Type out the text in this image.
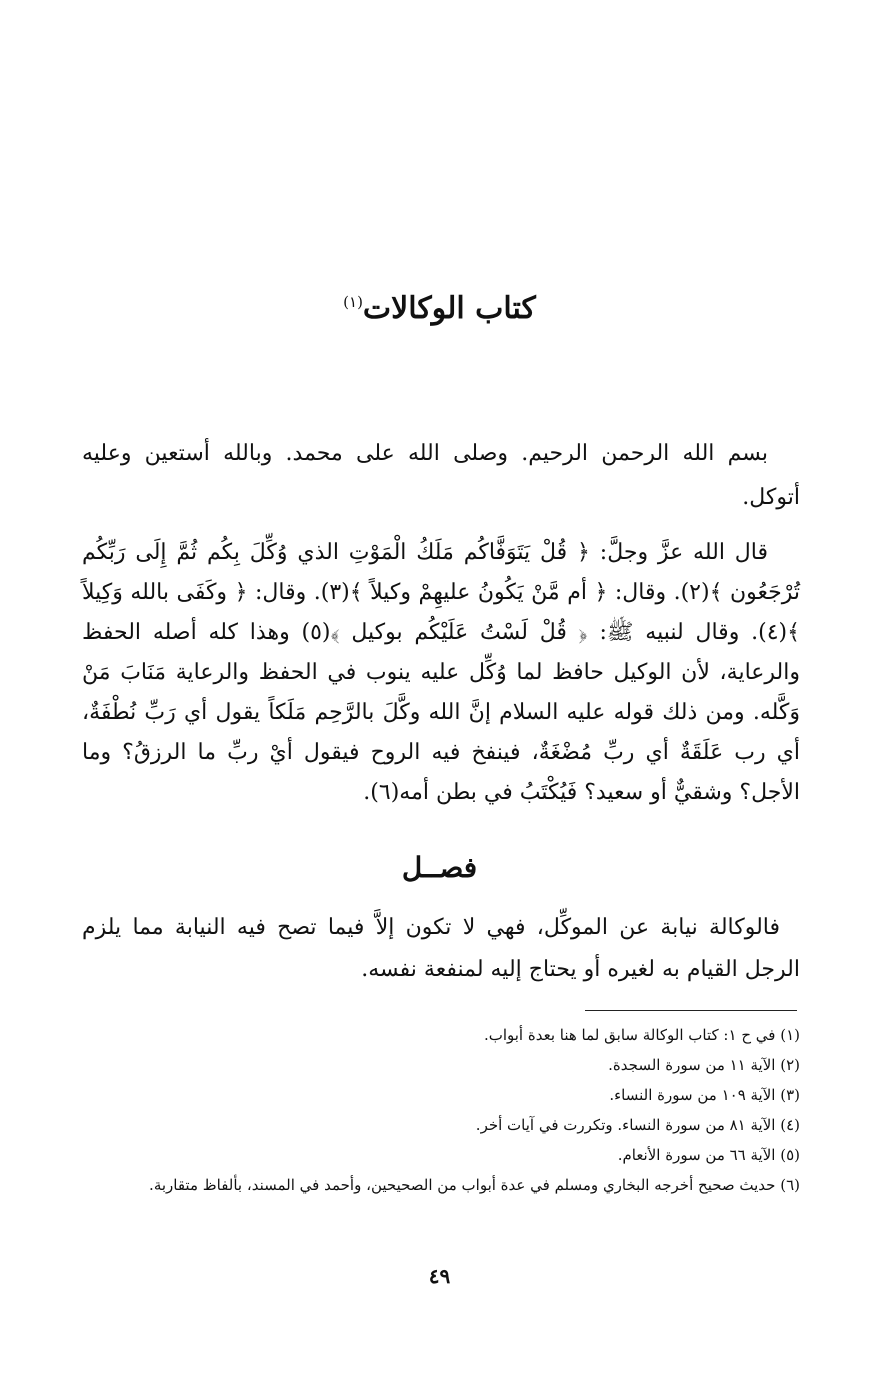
كتاب الوكالات$^{(١)}$

بسم الله الرحمن الرحيم. وصلى الله على محمد. وبالله أستعين وعليه أتوكل.

قال الله عزَّ وجلَّ: ﴿ قُلْ يَتَوَفَّاكُم مَلَكُ الْمَوْتِ الذي وُكِّلَ بِكُم ثُمَّ إِلَى رَبِّكُم تُرْجَعُون ﴾(٢). وقال: ﴿ أم مَّنْ يَكُونُ عليهِمْ وكيلاً ﴾(٣). وقال: ﴿ وكَفَى بالله وَكِيلاً ﴾(٤). وقال لنبيه ﷺ: ﴿ قُلْ لَسْتُ عَلَيْكُم بوكيل ﴾(٥) وهذا كله أصله الحفظ والرعاية، لأن الوكيل حافظ لما وُكِّل عليه ينوب في الحفظ والرعاية مَنَابَ مَنْ وَكَّله. ومن ذلك قوله عليه السلام إنَّ الله وكَّلَ بالرَّحِم مَلَكاً يقول أي رَبِّ نُطْفَةٌ، أي رب عَلَقَةٌ أي ربِّ مُضْغَةٌ، فينفخ فيه الروح فيقول أيْ ربِّ ما الرزقُ؟ وما الأجل؟ وشقيٌّ أو سعيد؟ فَيُكْتَبُ في بطن أمه(٦).

فصــل

فالوكالة نيابة عن الموكِّل، فهي لا تكون إلاَّ فيما تصح فيه النيابة مما يلزم الرجل القيام به لغيره أو يحتاج إليه لمنفعة نفسه.

(١) في ح ١: كتاب الوكالة سابق لما هنا بعدة أبواب.
(٢) الآية ١١ من سورة السجدة.
(٣) الآية ١٠٩ من سورة النساء.
(٤) الآية ٨١ من سورة النساء. وتكررت في آيات أخر.
(٥) الآية ٦٦ من سورة الأنعام.
(٦) حديث صحيح أخرجه البخاري ومسلم في عدة أبواب من الصحيحين، وأحمد في المسند، بألفاظ متقاربة.
٤٩
